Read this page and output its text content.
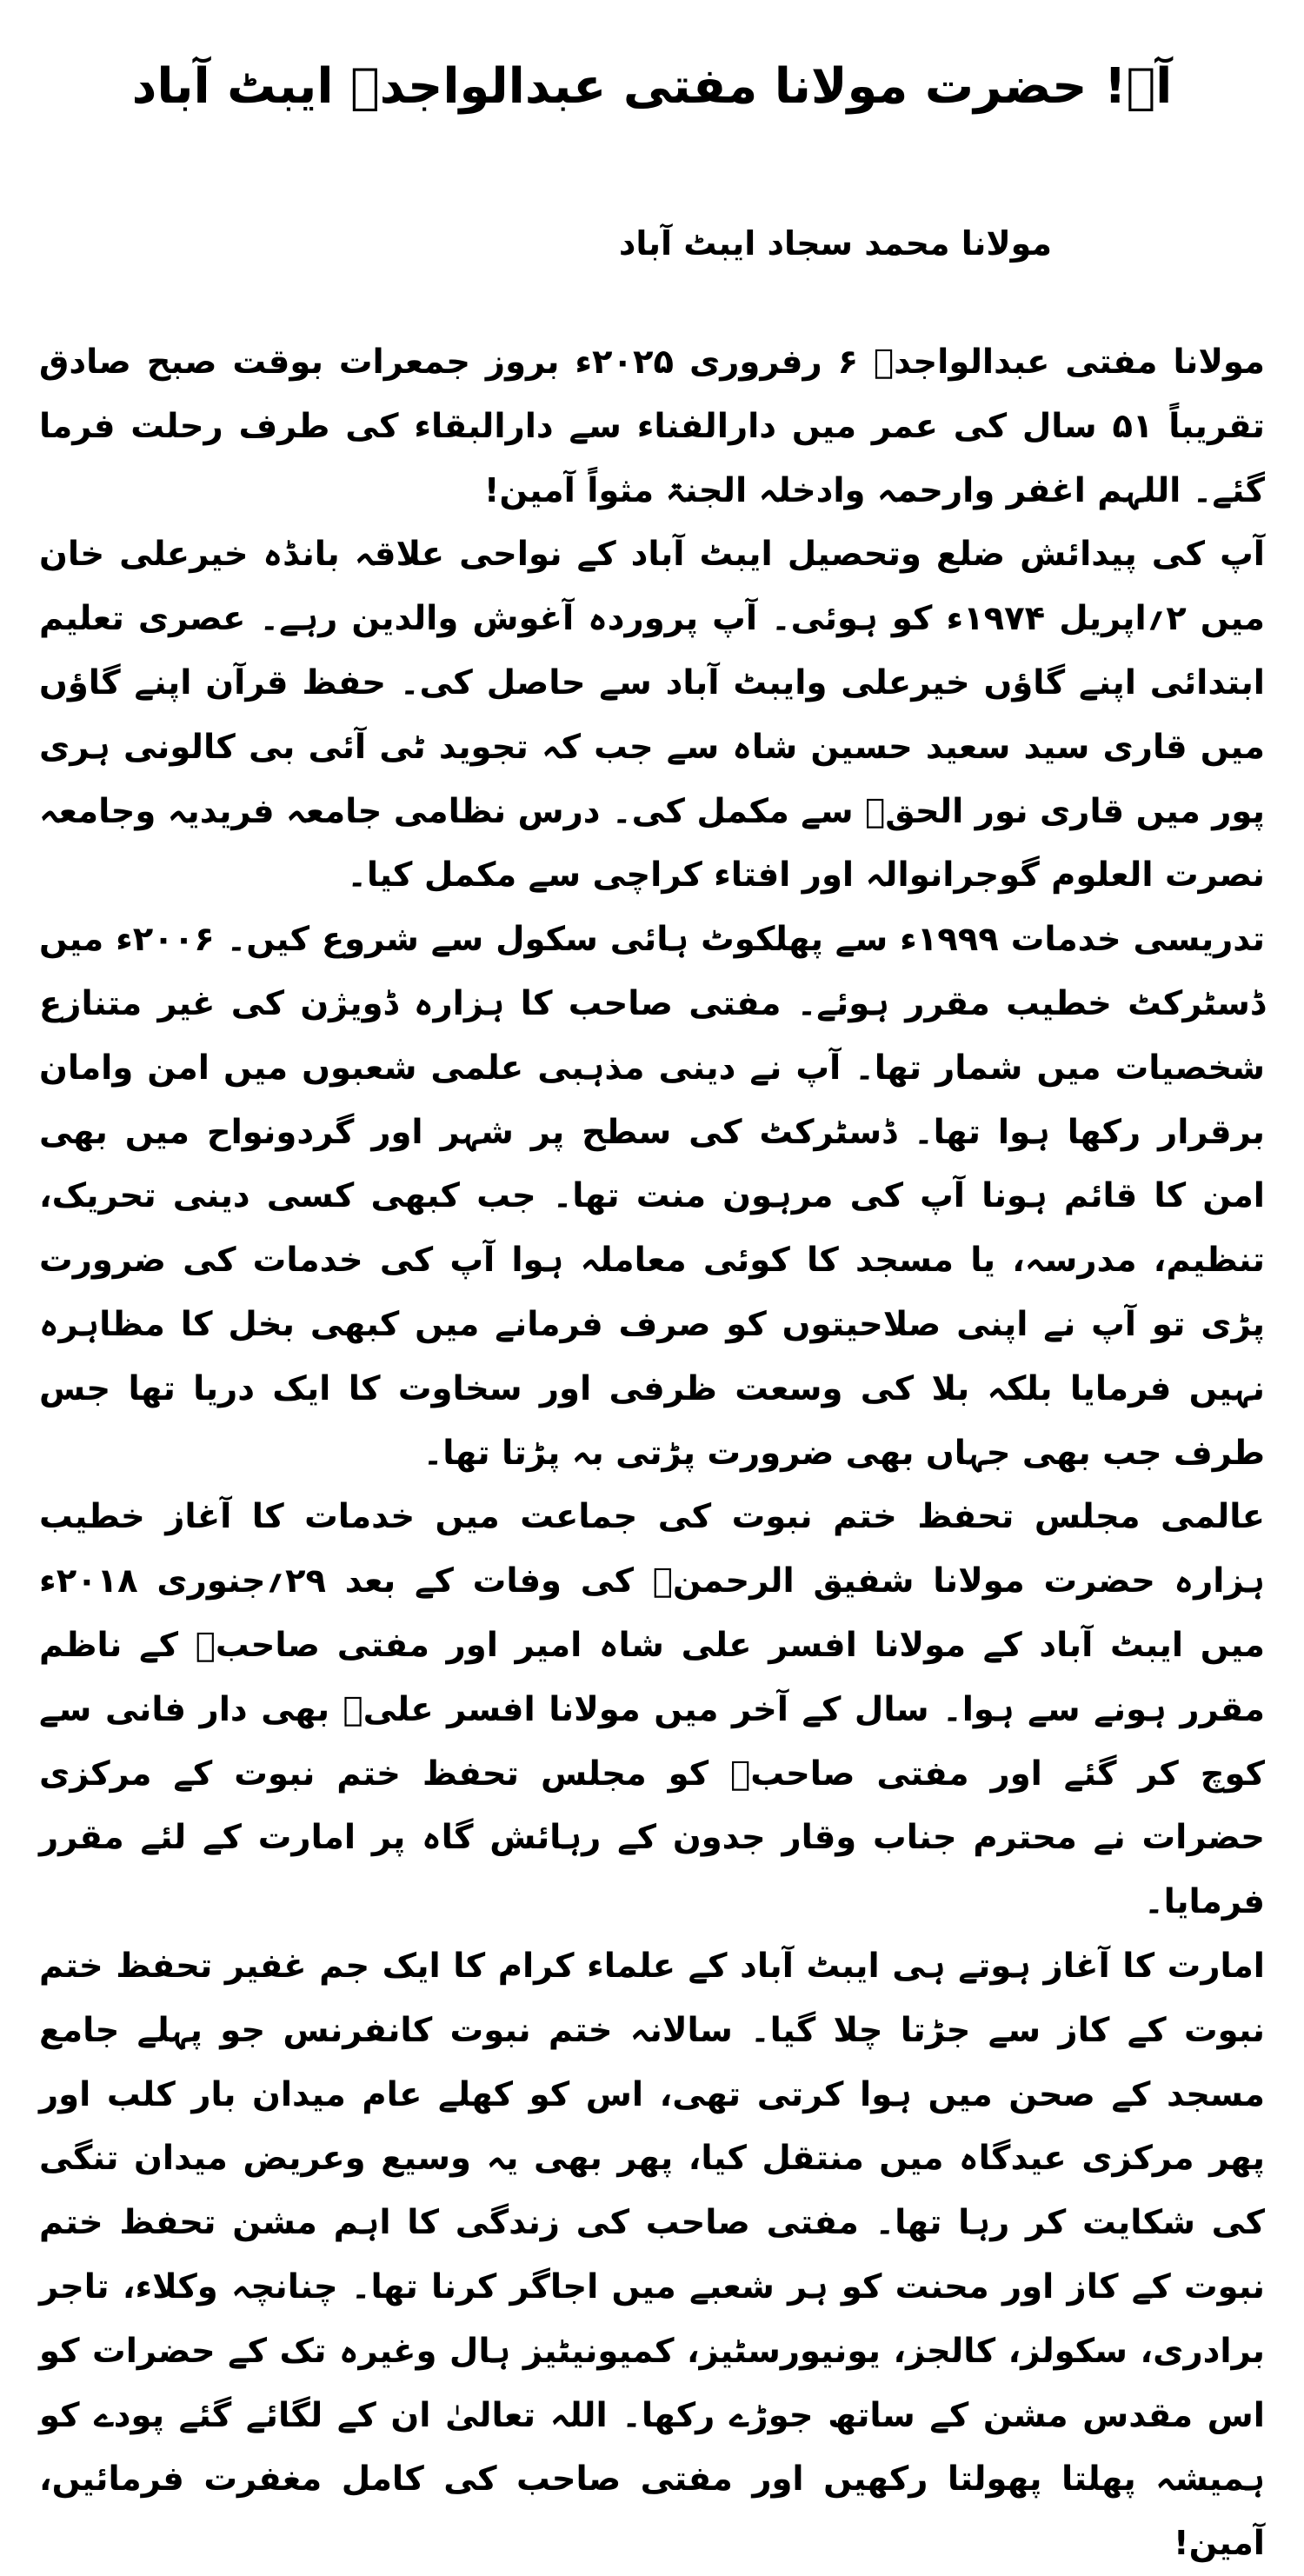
آہ! حضرت مولانا مفتی عبدالواجدؒ ایبٹ آباد
مولانا محمد سجاد ایبٹ آباد

مولانا مفتی عبدالواجدؒ ۶ رفروری ۲۰۲۵ء بروز جمعرات بوقت صبح صادق تقریباً ۵۱ سال کی عمر میں دارالفناء سے دارالبقاء کی طرف رحلت فرما گئے۔ اللہم اغفر وارحمہ وادخلہ الجنۃ مثواً آمین!

آپ کی پیدائش ضلع وتحصیل ایبٹ آباد کے نواحی علاقہ بانڈہ خیرعلی خان میں ۲؍اپریل ۱۹۷۴ء کو ہوئی۔ آپ پروردہ آغوش والدین رہے۔ عصری تعلیم ابتدائی اپنے گاؤں خیرعلی وایبٹ آباد سے حاصل کی۔ حفظ قرآن اپنے گاؤں میں قاری سید سعید حسین شاہ سے جب کہ تجوید ٹی آئی بی کالونی ہری پور میں قاری نور الحقؒ سے مکمل کی۔ درس نظامی جامعہ فریدیہ وجامعہ نصرت العلوم گوجرانوالہ اور افتاء کراچی سے مکمل کیا۔

تدریسی خدمات ۱۹۹۹ء سے پھلکوٹ ہائی سکول سے شروع کیں۔ ۲۰۰۶ء میں ڈسٹرکٹ خطیب مقرر ہوئے۔ مفتی صاحب کا ہزارہ ڈویژن کی غیر متنازع شخصیات میں شمار تھا۔ آپ نے دینی مذہبی علمی شعبوں میں امن وامان برقرار رکھا ہوا تھا۔ ڈسٹرکٹ کی سطح پر شہر اور گردونواح میں بھی امن کا قائم ہونا آپ کی مرہون منت تھا۔ جب کبھی کسی دینی تحریک، تنظیم، مدرسہ، یا مسجد کا کوئی معاملہ ہوا آپ کی خدمات کی ضرورت پڑی تو آپ نے اپنی صلاحیتوں کو صرف فرمانے میں کبھی بخل کا مظاہرہ نہیں فرمایا بلکہ بلا کی وسعت ظرفی اور سخاوت کا ایک دریا تھا جس طرف جب بھی جہاں بھی ضرورت پڑتی بہ پڑتا تھا۔

عالمی مجلس تحفظ ختم نبوت کی جماعت میں خدمات کا آغاز خطیب ہزارہ حضرت مولانا شفیق الرحمنؒ کی وفات کے بعد ۲۹؍جنوری ۲۰۱۸ء میں ایبٹ آباد کے مولانا افسر علی شاہ امیر اور مفتی صاحبؒ کے ناظم مقرر ہونے سے ہوا۔ سال کے آخر میں مولانا افسر علیؒ بھی دار فانی سے کوچ کر گئے اور مفتی صاحبؒ کو مجلس تحفظ ختم نبوت کے مرکزی حضرات نے محترم جناب وقار جدون کے رہائش گاہ پر امارت کے لئے مقرر فرمایا۔

امارت کا آغاز ہوتے ہی ایبٹ آباد کے علماء کرام کا ایک جم غفیر تحفظ ختم نبوت کے کاز سے جڑتا چلا گیا۔ سالانہ ختم نبوت کانفرنس جو پہلے جامع مسجد کے صحن میں ہوا کرتی تھی، اس کو کھلے عام میدان بار کلب اور پھر مرکزی عیدگاہ میں منتقل کیا، پھر بھی یہ وسیع وعریض میدان تنگی کی شکایت کر رہا تھا۔ مفتی صاحب کی زندگی کا اہم مشن تحفظ ختم نبوت کے کاز اور محنت کو ہر شعبے میں اجاگر کرنا تھا۔ چنانچہ وکلاء، تاجر برادری، سکولز، کالجز، یونیورسٹیز، کمیونیٹیز ہال وغیرہ تک کے حضرات کو اس مقدس مشن کے ساتھ جوڑے رکھا۔ اللہ تعالیٰ ان کے لگائے گئے پودے کو ہمیشہ پھلتا پھولتا رکھیں اور مفتی صاحب کی کامل مغفرت فرمائیں، آمین!
